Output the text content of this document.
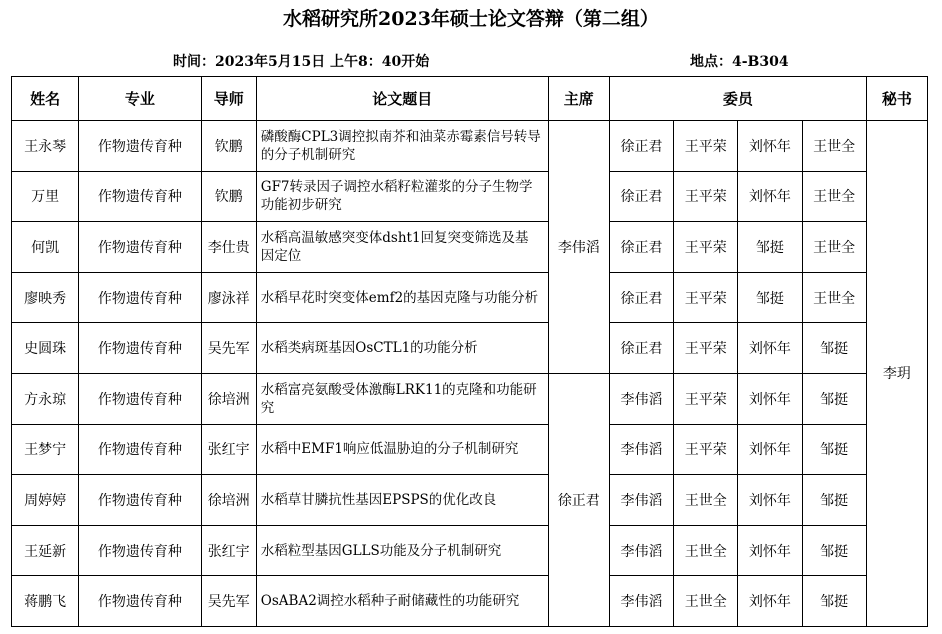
水稻研究所2023年硕士论文答辩（第二组）
时间：2023年5月15日 上午8：40开始	地点：4-B304
姓名	专业	导师	论文题目	主席	委员				秘书
王永琴	作物遗传育种	钦鹏	磷酸酶CPL3调控拟南芥和油菜赤霉素信号转导的分子机制研究	李伟滔	徐正君	王平荣	刘怀年	王世全	李玥
万里	作物遗传育种	钦鹏	GF7转录因子调控水稻籽粒灌浆的分子生物学功能初步研究		徐正君	王平荣	刘怀年	王世全	
何凯	作物遗传育种	李仕贵	水稻高温敏感突变体dsht1回复突变筛选及基因定位		徐正君	王平荣	邹挺	王世全	
廖映秀	作物遗传育种	廖泳祥	水稻早花时突变体emf2的基因克隆与功能分析		徐正君	王平荣	邹挺	王世全	
史圆珠	作物遗传育种	吴先军	水稻类病斑基因OsCTL1的功能分析		徐正君	王平荣	刘怀年	邹挺	
方永琼	作物遗传育种	徐培洲	水稻富亮氨酸受体激酶LRK11的克隆和功能研究	徐正君	李伟滔	王平荣	刘怀年	邹挺	
王梦宁	作物遗传育种	张红宇	水稻中EMF1响应低温胁迫的分子机制研究		李伟滔	王平荣	刘怀年	邹挺	
周婷婷	作物遗传育种	徐培洲	水稻草甘膦抗性基因EPSPS的优化改良		李伟滔	王世全	刘怀年	邹挺	
王延新	作物遗传育种	张红宇	水稻粒型基因GLLS功能及分子机制研究		李伟滔	王世全	刘怀年	邹挺	
蒋鹏飞	作物遗传育种	吴先军	OsABA2调控水稻种子耐储藏性的功能研究		李伟滔	王世全	刘怀年	邹挺	
